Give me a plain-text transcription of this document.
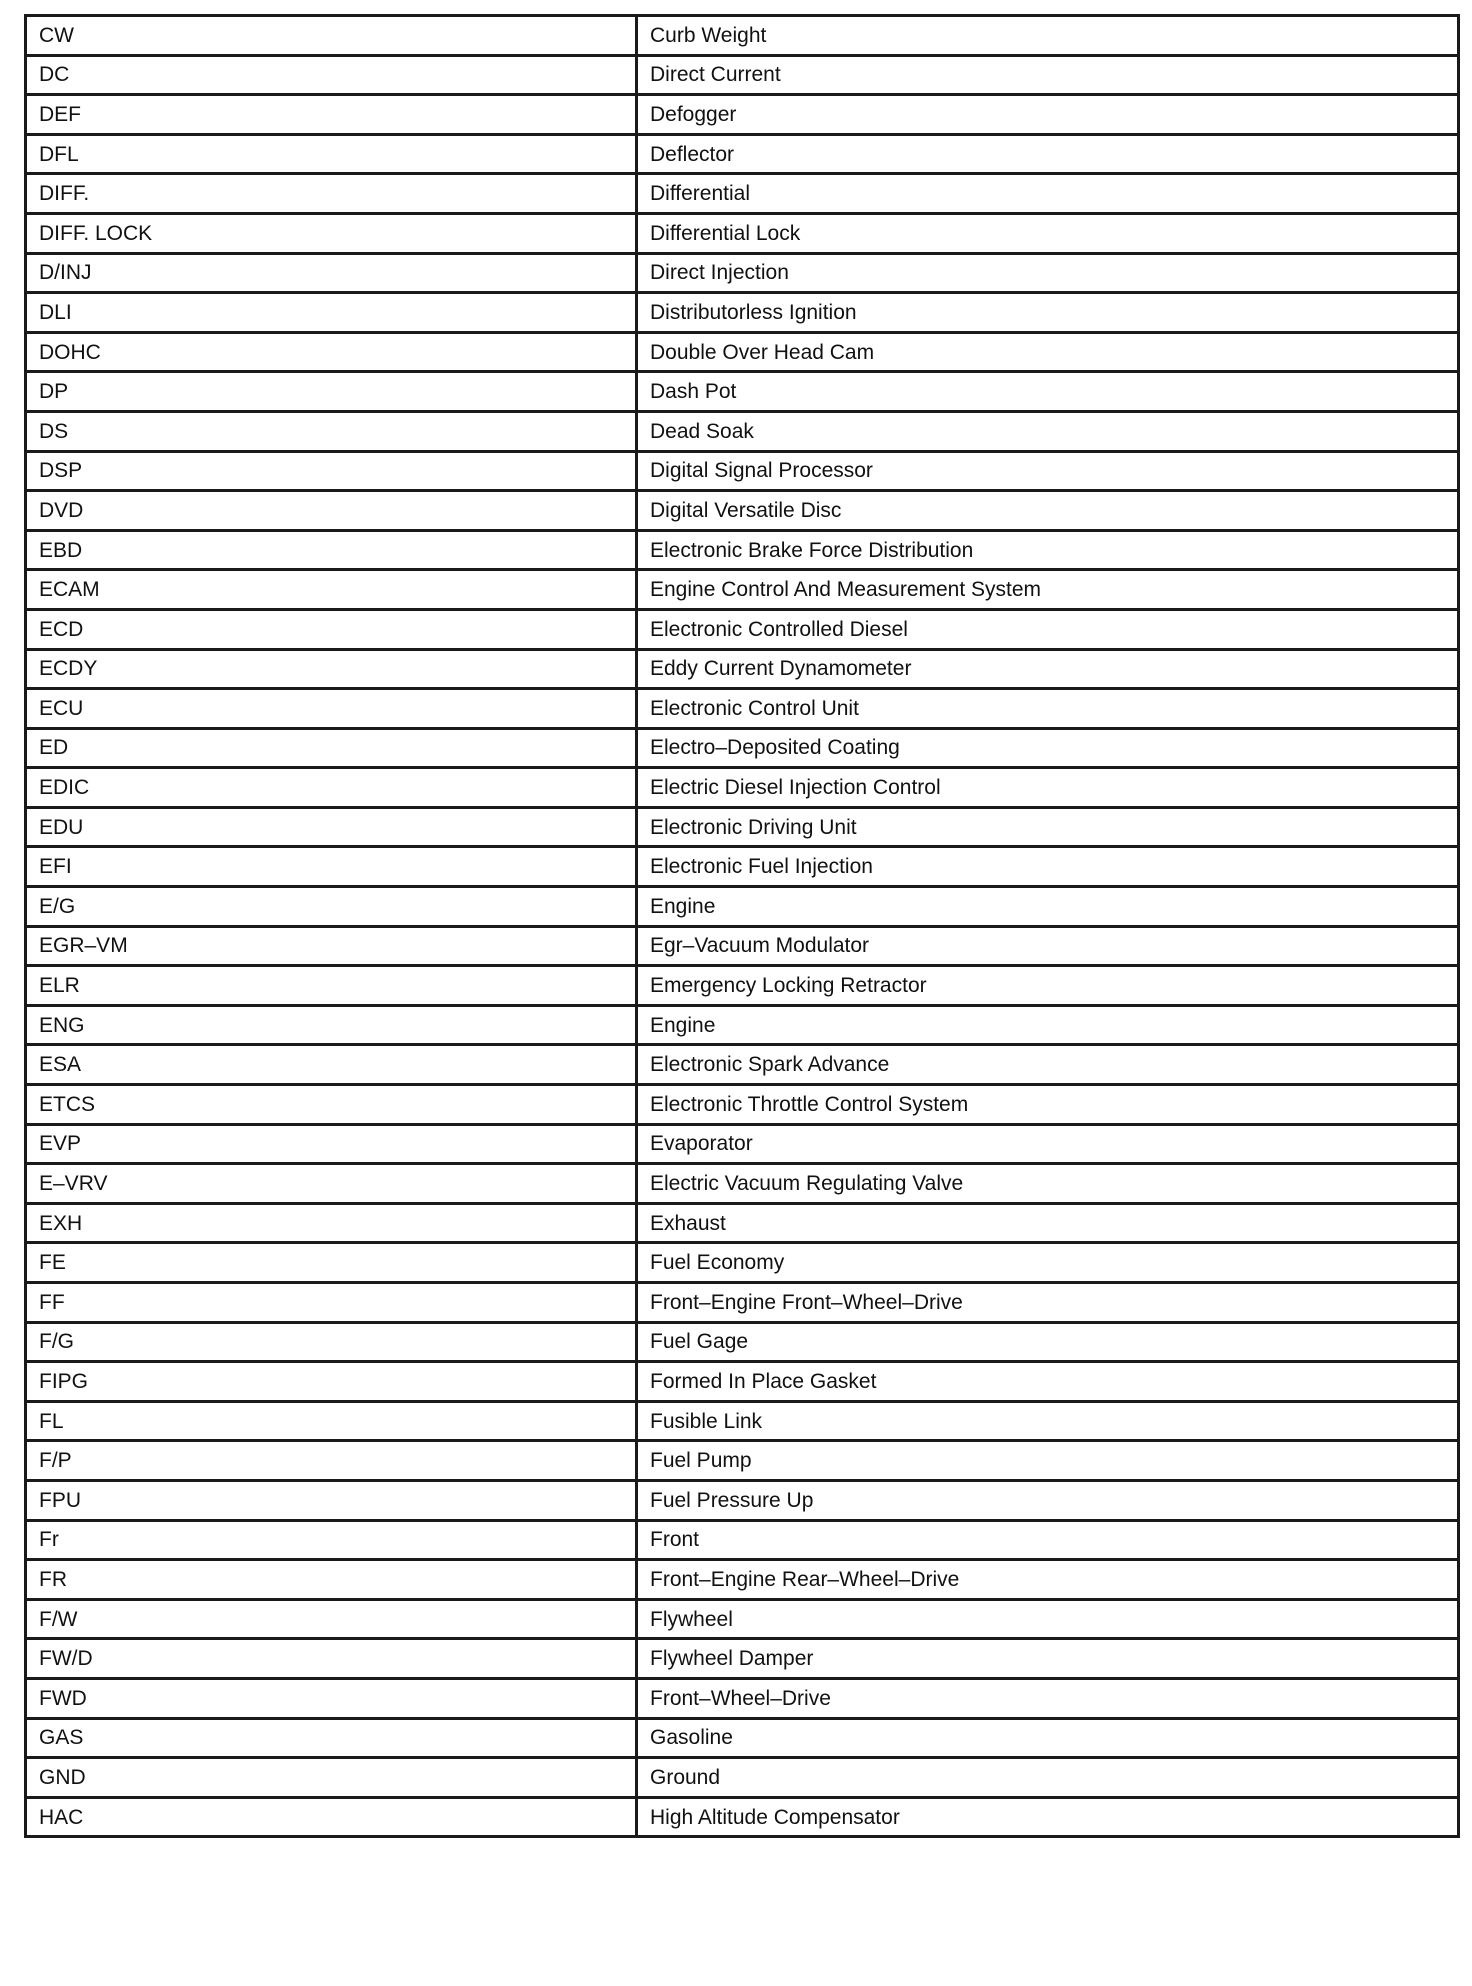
CW	Curb Weight
DC	Direct Current
DEF	Defogger
DFL	Deflector
DIFF.	Differential
DIFF. LOCK	Differential Lock
D/INJ	Direct Injection
DLI	Distributorless Ignition
DOHC	Double Over Head Cam
DP	Dash Pot
DS	Dead Soak
DSP	Digital Signal Processor
DVD	Digital Versatile Disc
EBD	Electronic Brake Force Distribution
ECAM	Engine Control And Measurement System
ECD	Electronic Controlled Diesel
ECDY	Eddy Current Dynamometer
ECU	Electronic Control Unit
ED	Electro–Deposited Coating
EDIC	Electric Diesel Injection Control
EDU	Electronic Driving Unit
EFI	Electronic Fuel Injection
E/G	Engine
EGR–VM	Egr–Vacuum Modulator
ELR	Emergency Locking Retractor
ENG	Engine
ESA	Electronic Spark Advance
ETCS	Electronic Throttle Control System
EVP	Evaporator
E–VRV	Electric Vacuum Regulating Valve
EXH	Exhaust
FE	Fuel Economy
FF	Front–Engine Front–Wheel–Drive
F/G	Fuel Gage
FIPG	Formed In Place Gasket
FL	Fusible Link
F/P	Fuel Pump
FPU	Fuel Pressure Up
Fr	Front
FR	Front–Engine Rear–Wheel–Drive
F/W	Flywheel
FW/D	Flywheel Damper
FWD	Front–Wheel–Drive
GAS	Gasoline
GND	Ground
HAC	High Altitude Compensator
